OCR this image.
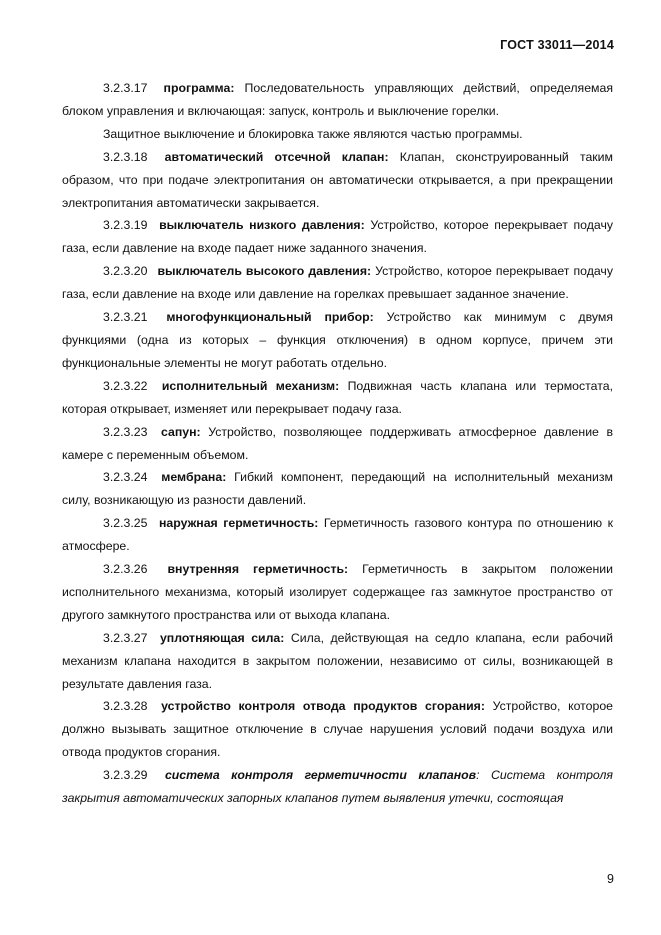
ГОСТ 33011—2014

3.2.3.17 программа: Последовательность управляющих действий, определяемая блоком управления и включающая: запуск, контроль и выключение горелки.

Защитное выключение и блокировка также являются частью программы.

3.2.3.18 автоматический отсечной клапан: Клапан, сконструированный таким образом, что при подаче электропитания он автоматически открывается, а при прекращении электропитания автоматически закрывается.

3.2.3.19 выключатель низкого давления: Устройство, которое перекрывает подачу газа, если давление на входе падает ниже заданного значения.

3.2.3.20 выключатель высокого давления: Устройство, которое перекрывает подачу газа, если давление на входе или давление на горелках превышает заданное значение.

3.2.3.21 многофункциональный прибор: Устройство как минимум с двумя функциями (одна из которых – функция отключения) в одном корпусе, причем эти функциональные элементы не могут работать отдельно.

3.2.3.22 исполнительный механизм: Подвижная часть клапана или термостата, которая открывает, изменяет или перекрывает подачу газа.

3.2.3.23 сапун: Устройство, позволяющее поддерживать атмосферное давление в камере с переменным объемом.

3.2.3.24 мембрана: Гибкий компонент, передающий на исполнительный механизм силу, возникающую из разности давлений.

3.2.3.25 наружная герметичность: Герметичность газового контура по отношению к атмосфере.

3.2.3.26 внутренняя герметичность: Герметичность в закрытом положении исполнительного механизма, который изолирует содержащее газ замкнутое пространство от другого замкнутого пространства или от выхода клапана.

3.2.3.27 уплотняющая сила: Сила, действующая на седло клапана, если рабочий механизм клапана находится в закрытом положении, независимо от силы, возникающей в результате давления газа.

3.2.3.28 устройство контроля отвода продуктов сгорания: Устройство, которое должно вызывать защитное отключение в случае нарушения условий подачи воздуха или отвода продуктов сгорания.

3.2.3.29 система контроля герметичности клапанов: Система контроля закрытия автоматических запорных клапанов путем выявления утечки, состоящая

9
